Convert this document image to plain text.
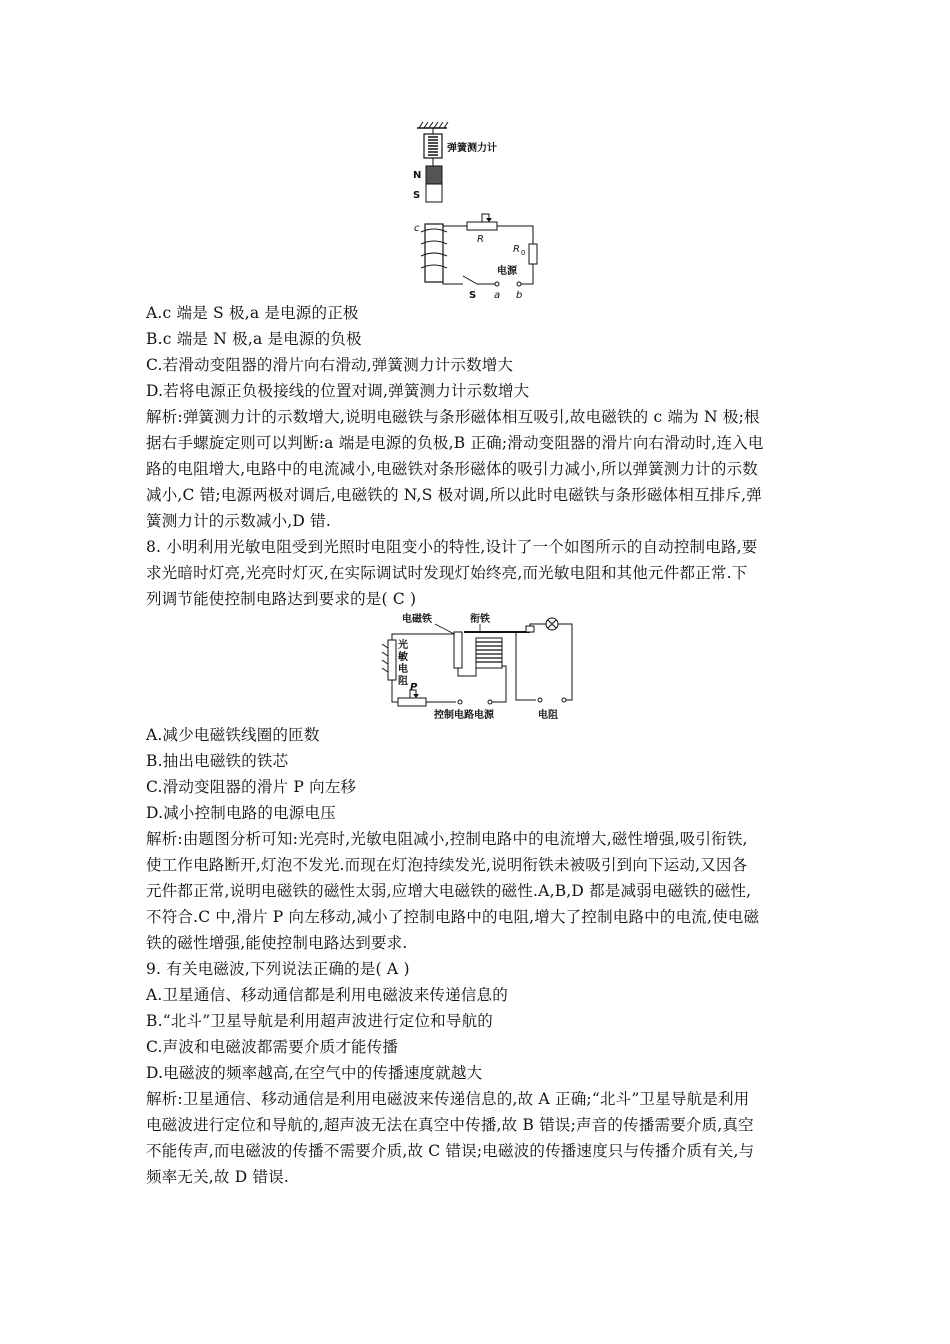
弹簧测力计
N
S
c
R
R 0
电源
S a b
A.c 端是 S 极,a 是电源的正极
B.c 端是 N 极,a 是电源的负极
C.若滑动变阻器的滑片向右滑动,弹簧测力计示数增大
D.若将电源正负极接线的位置对调,弹簧测力计示数增大
解析:弹簧测力计的示数增大,说明电磁铁与条形磁体相互吸引,故电磁铁的 c 端为 N 极;根
据右手螺旋定则可以判断:a 端是电源的负极,B 正确;滑动变阻器的滑片向右滑动时,连入电
路的电阻增大,电路中的电流减小,电磁铁对条形磁体的吸引力减小,所以弹簧测力计的示数
减小,C 错;电源两极对调后,电磁铁的 N,S 极对调,所以此时电磁铁与条形磁体相互排斥,弹
簧测力计的示数减小,D 错.
8. 小明利用光敏电阻受到光照时电阻变小的特性,设计了一个如图所示的自动控制电路,要
求光暗时灯亮,光亮时灯灭,在实际调试时发现灯始终亮,而光敏电阻和其他元件都正常.下
列调节能使控制电路达到要求的是( C )
电磁铁	衔铁
光
敏
电
阻
P
控制电路电源	电阻
A.减少电磁铁线圈的匝数
B.抽出电磁铁的铁芯
C.滑动变阻器的滑片 P 向左移
D.减小控制电路的电源电压
解析:由题图分析可知:光亮时,光敏电阻减小,控制电路中的电流增大,磁性增强,吸引衔铁,
使工作电路断开,灯泡不发光.而现在灯泡持续发光,说明衔铁未被吸引到向下运动,又因各
元件都正常,说明电磁铁的磁性太弱,应增大电磁铁的磁性.A,B,D 都是减弱电磁铁的磁性,
不符合.C 中,滑片 P 向左移动,减小了控制电路中的电阻,增大了控制电路中的电流,使电磁
铁的磁性增强,能使控制电路达到要求.
9. 有关电磁波,下列说法正确的是( A )
A.卫星通信、移动通信都是利用电磁波来传递信息的
B.“北斗”卫星导航是利用超声波进行定位和导航的
C.声波和电磁波都需要介质才能传播
D.电磁波的频率越高,在空气中的传播速度就越大
解析:卫星通信、移动通信是利用电磁波来传递信息的,故 A 正确;“北斗”卫星导航是利用
电磁波进行定位和导航的,超声波无法在真空中传播,故 B 错误;声音的传播需要介质,真空
不能传声,而电磁波的传播不需要介质,故 C 错误;电磁波的传播速度只与传播介质有关,与
频率无关,故 D 错误.
